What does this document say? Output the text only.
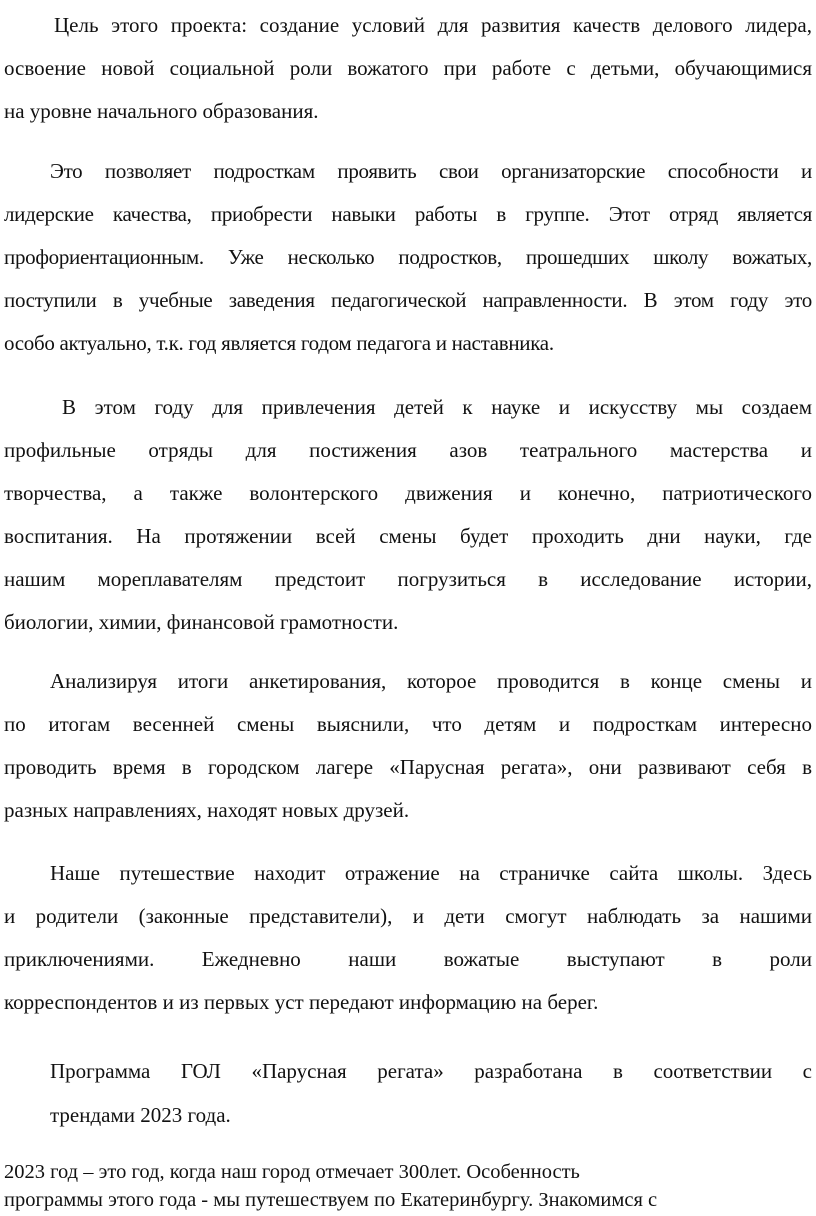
Цель этого проекта: создание условий для развития качеств делового лидера,
освоение новой социальной роли вожатого при работе с детьми, обучающимися
на уровне начального образования.
Это позволяет подросткам проявить свои организаторские способности и
лидерские качества, приобрести навыки работы в группе. Этот отряд является
профориентационным. Уже несколько подростков, прошедших школу вожатых,
поступили в учебные заведения педагогической направленности. В этом году это
особо актуально, т.к. год является годом педагога и наставника.
В этом году для привлечения детей к науке и искусству мы создаем
профильные отряды для постижения азов театрального мастерства и
творчества, а также волонтерского движения и конечно, патриотического
воспитания. На протяжении всей смены будет проходить дни науки, где
нашим мореплавателям предстоит погрузиться в исследование истории,
биологии, химии, финансовой грамотности.
Анализируя итоги анкетирования, которое проводится в конце смены и
по итогам весенней смены выяснили, что детям и подросткам интересно
проводить время в городском лагере «Парусная регата», они развивают себя в
разных направлениях, находят новых друзей.
Наше путешествие находит отражение на страничке сайта школы. Здесь
и родители (законные представители), и дети смогут наблюдать за нашими
приключениями. Ежедневно наши вожатые выступают в роли
корреспондентов и из первых уст передают информацию на берег.
Программа ГОЛ «Парусная регата» разработана в соответствии с
трендами 2023 года.
2023 год – это год, когда наш город отмечает 300лет. Особенность
программы этого года - мы путешествуем по Екатеринбургу. Знакомимся с
